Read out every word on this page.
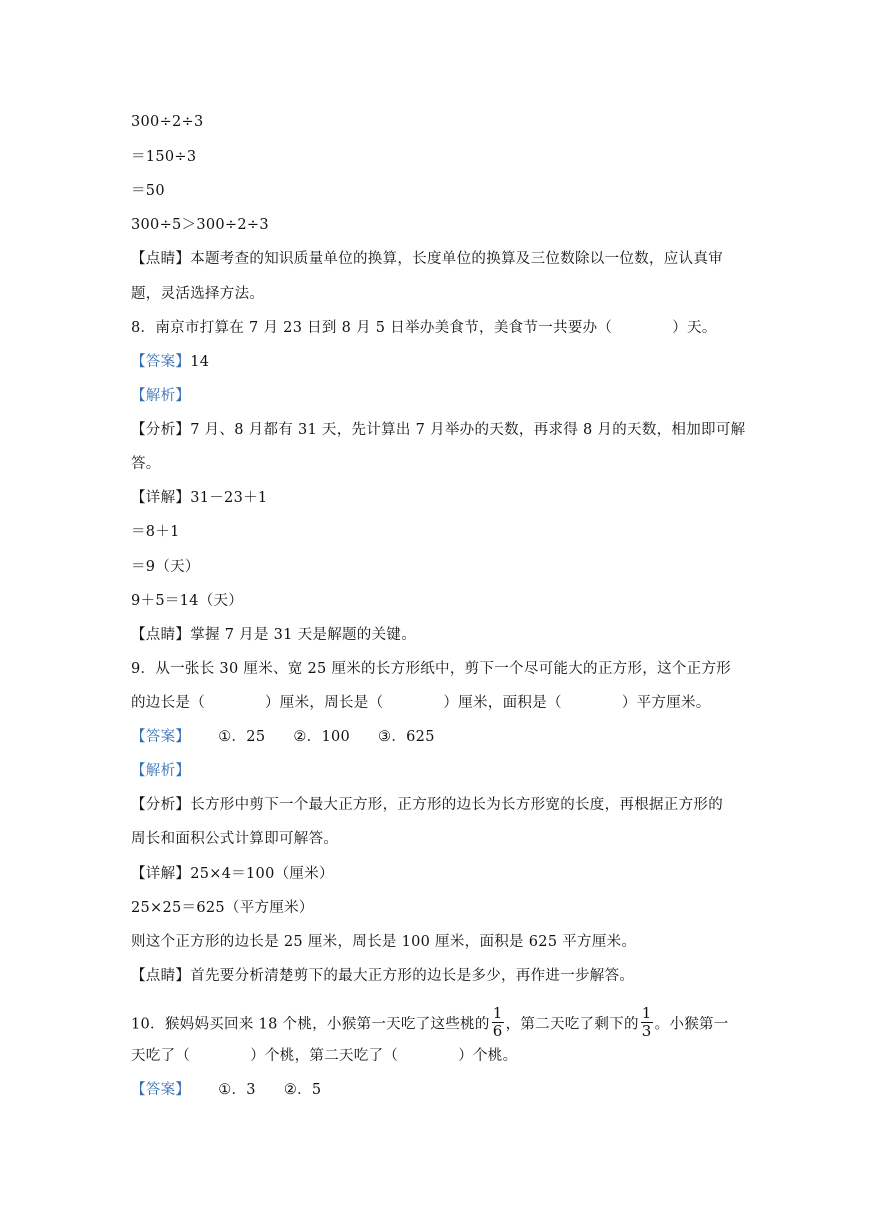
300÷2÷3
＝150÷3
＝50
300÷5＞300÷2÷3
【点睛】本题考查的知识质量单位的换算，长度单位的换算及三位数除以一位数，应认真审
题，灵活选择方法。
8．南京市打算在 7 月 23 日到 8 月 5 日举办美食节，美食节一共要办（	）天。
【答案】14
【解析】
【分析】7 月、8 月都有 31 天，先计算出 7 月举办的天数，再求得 8 月的天数，相加即可解
答。
【详解】31－23＋1
＝8＋1
＝9（天）
9＋5＝14（天）
【点睛】掌握 7 月是 31 天是解题的关键。
9．从一张长 30 厘米、宽 25 厘米的长方形纸中，剪下一个尽可能大的正方形，这个正方形
的边长是（	）厘米，周长是（	）厘米，面积是（	）平方厘米。
【答案】 ①．25 ②．100 ③．625
【解析】
【分析】长方形中剪下一个最大正方形，正方形的边长为长方形宽的长度，再根据正方形的
周长和面积公式计算即可解答。
【详解】25×4＝100（厘米）
25×25＝625（平方厘米）
则这个正方形的边长是 25 厘米，周长是 100 厘米，面积是 625 平方厘米。
【点睛】首先要分析清楚剪下的最大正方形的边长是多少，再作进一步解答。
10．猴妈妈买回来 18 个桃，小猴第一天吃了这些桃的 $\frac{1}{6}$ ，第二天吃了剩下的 $\frac{1}{3}$ 。小猴第一
天吃了（	）个桃，第二天吃了（	）个桃。
【答案】 ①．3 ②．5
